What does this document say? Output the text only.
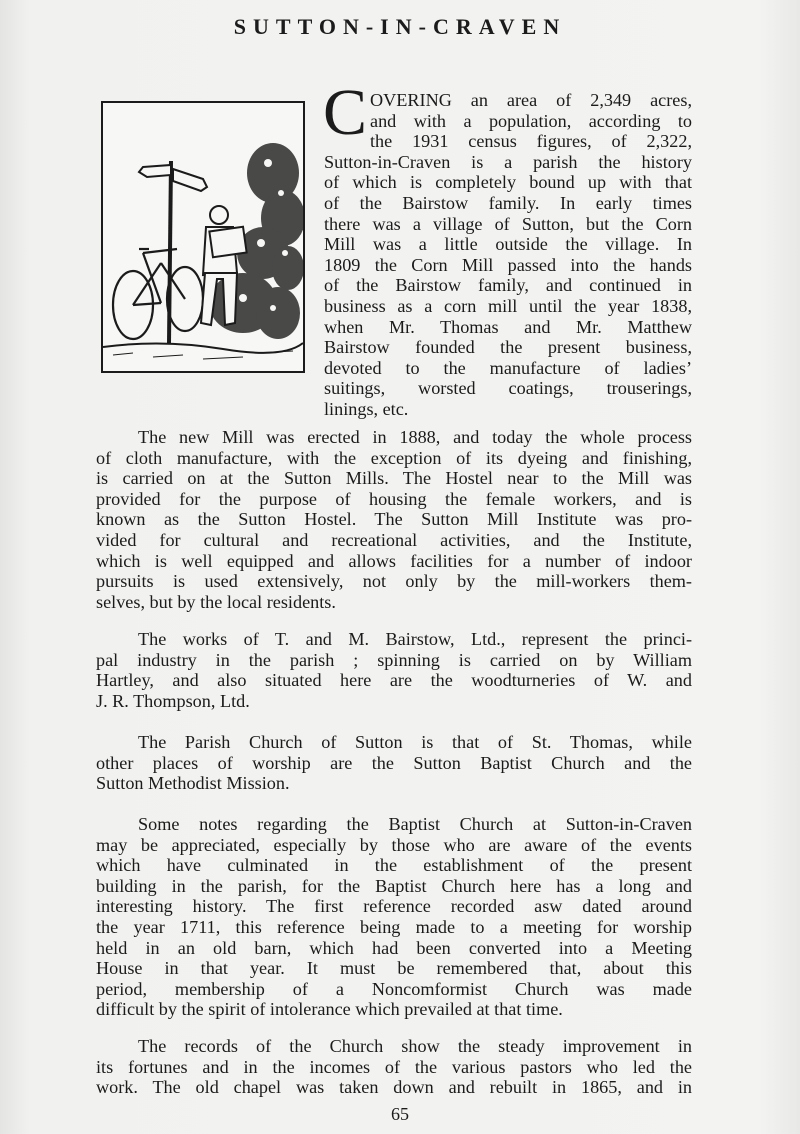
SUTTON-IN-CRAVEN
C OVERING an area of 2,349 acres,
and with a population, according to
the 1931 census figures, of 2,322,
Sutton-in-Craven is a parish the history
of which is completely bound up with that
of the Bairstow family. In early times
there was a village of Sutton, but the Corn
Mill was a little outside the village. In
1809 the Corn Mill passed into the hands
of the Bairstow family, and continued in
business as a corn mill until the year 1838,
when Mr. Thomas and Mr. Matthew
Bairstow founded the present business,
devoted to the manufacture of ladies’
suitings, worsted coatings, trouserings,
linings, etc.
The new Mill was erected in 1888, and today the whole process
of cloth manufacture, with the exception of its dyeing and finishing,
is carried on at the Sutton Mills. The Hostel near to the Mill was
provided for the purpose of housing the female workers, and is
known as the Sutton Hostel. The Sutton Mill Institute was pro-
vided for cultural and recreational activities, and the Institute,
which is well equipped and allows facilities for a number of indoor
pursuits is used extensively, not only by the mill-workers them-
selves, but by the local residents.
The works of T. and M. Bairstow, Ltd., represent the princi-
pal industry in the parish ; spinning is carried on by William
Hartley, and also situated here are the woodturneries of W. and
J. R. Thompson, Ltd.
The Parish Church of Sutton is that of St. Thomas, while
other places of worship are the Sutton Baptist Church and the
Sutton Methodist Mission.
Some notes regarding the Baptist Church at Sutton-in-Craven
may be appreciated, especially by those who are aware of the events
which have culminated in the establishment of the present
building in the parish, for the Baptist Church here has a long and
interesting history. The first reference recorded asw dated around
the year 1711, this reference being made to a meeting for worship
held in an old barn, which had been converted into a Meeting
House in that year. It must be remembered that, about this
period, membership of a Noncomformist Church was made
difficult by the spirit of intolerance which prevailed at that time.
The records of the Church show the steady improvement in
its fortunes and in the incomes of the various pastors who led the
work. The old chapel was taken down and rebuilt in 1865, and in

65
